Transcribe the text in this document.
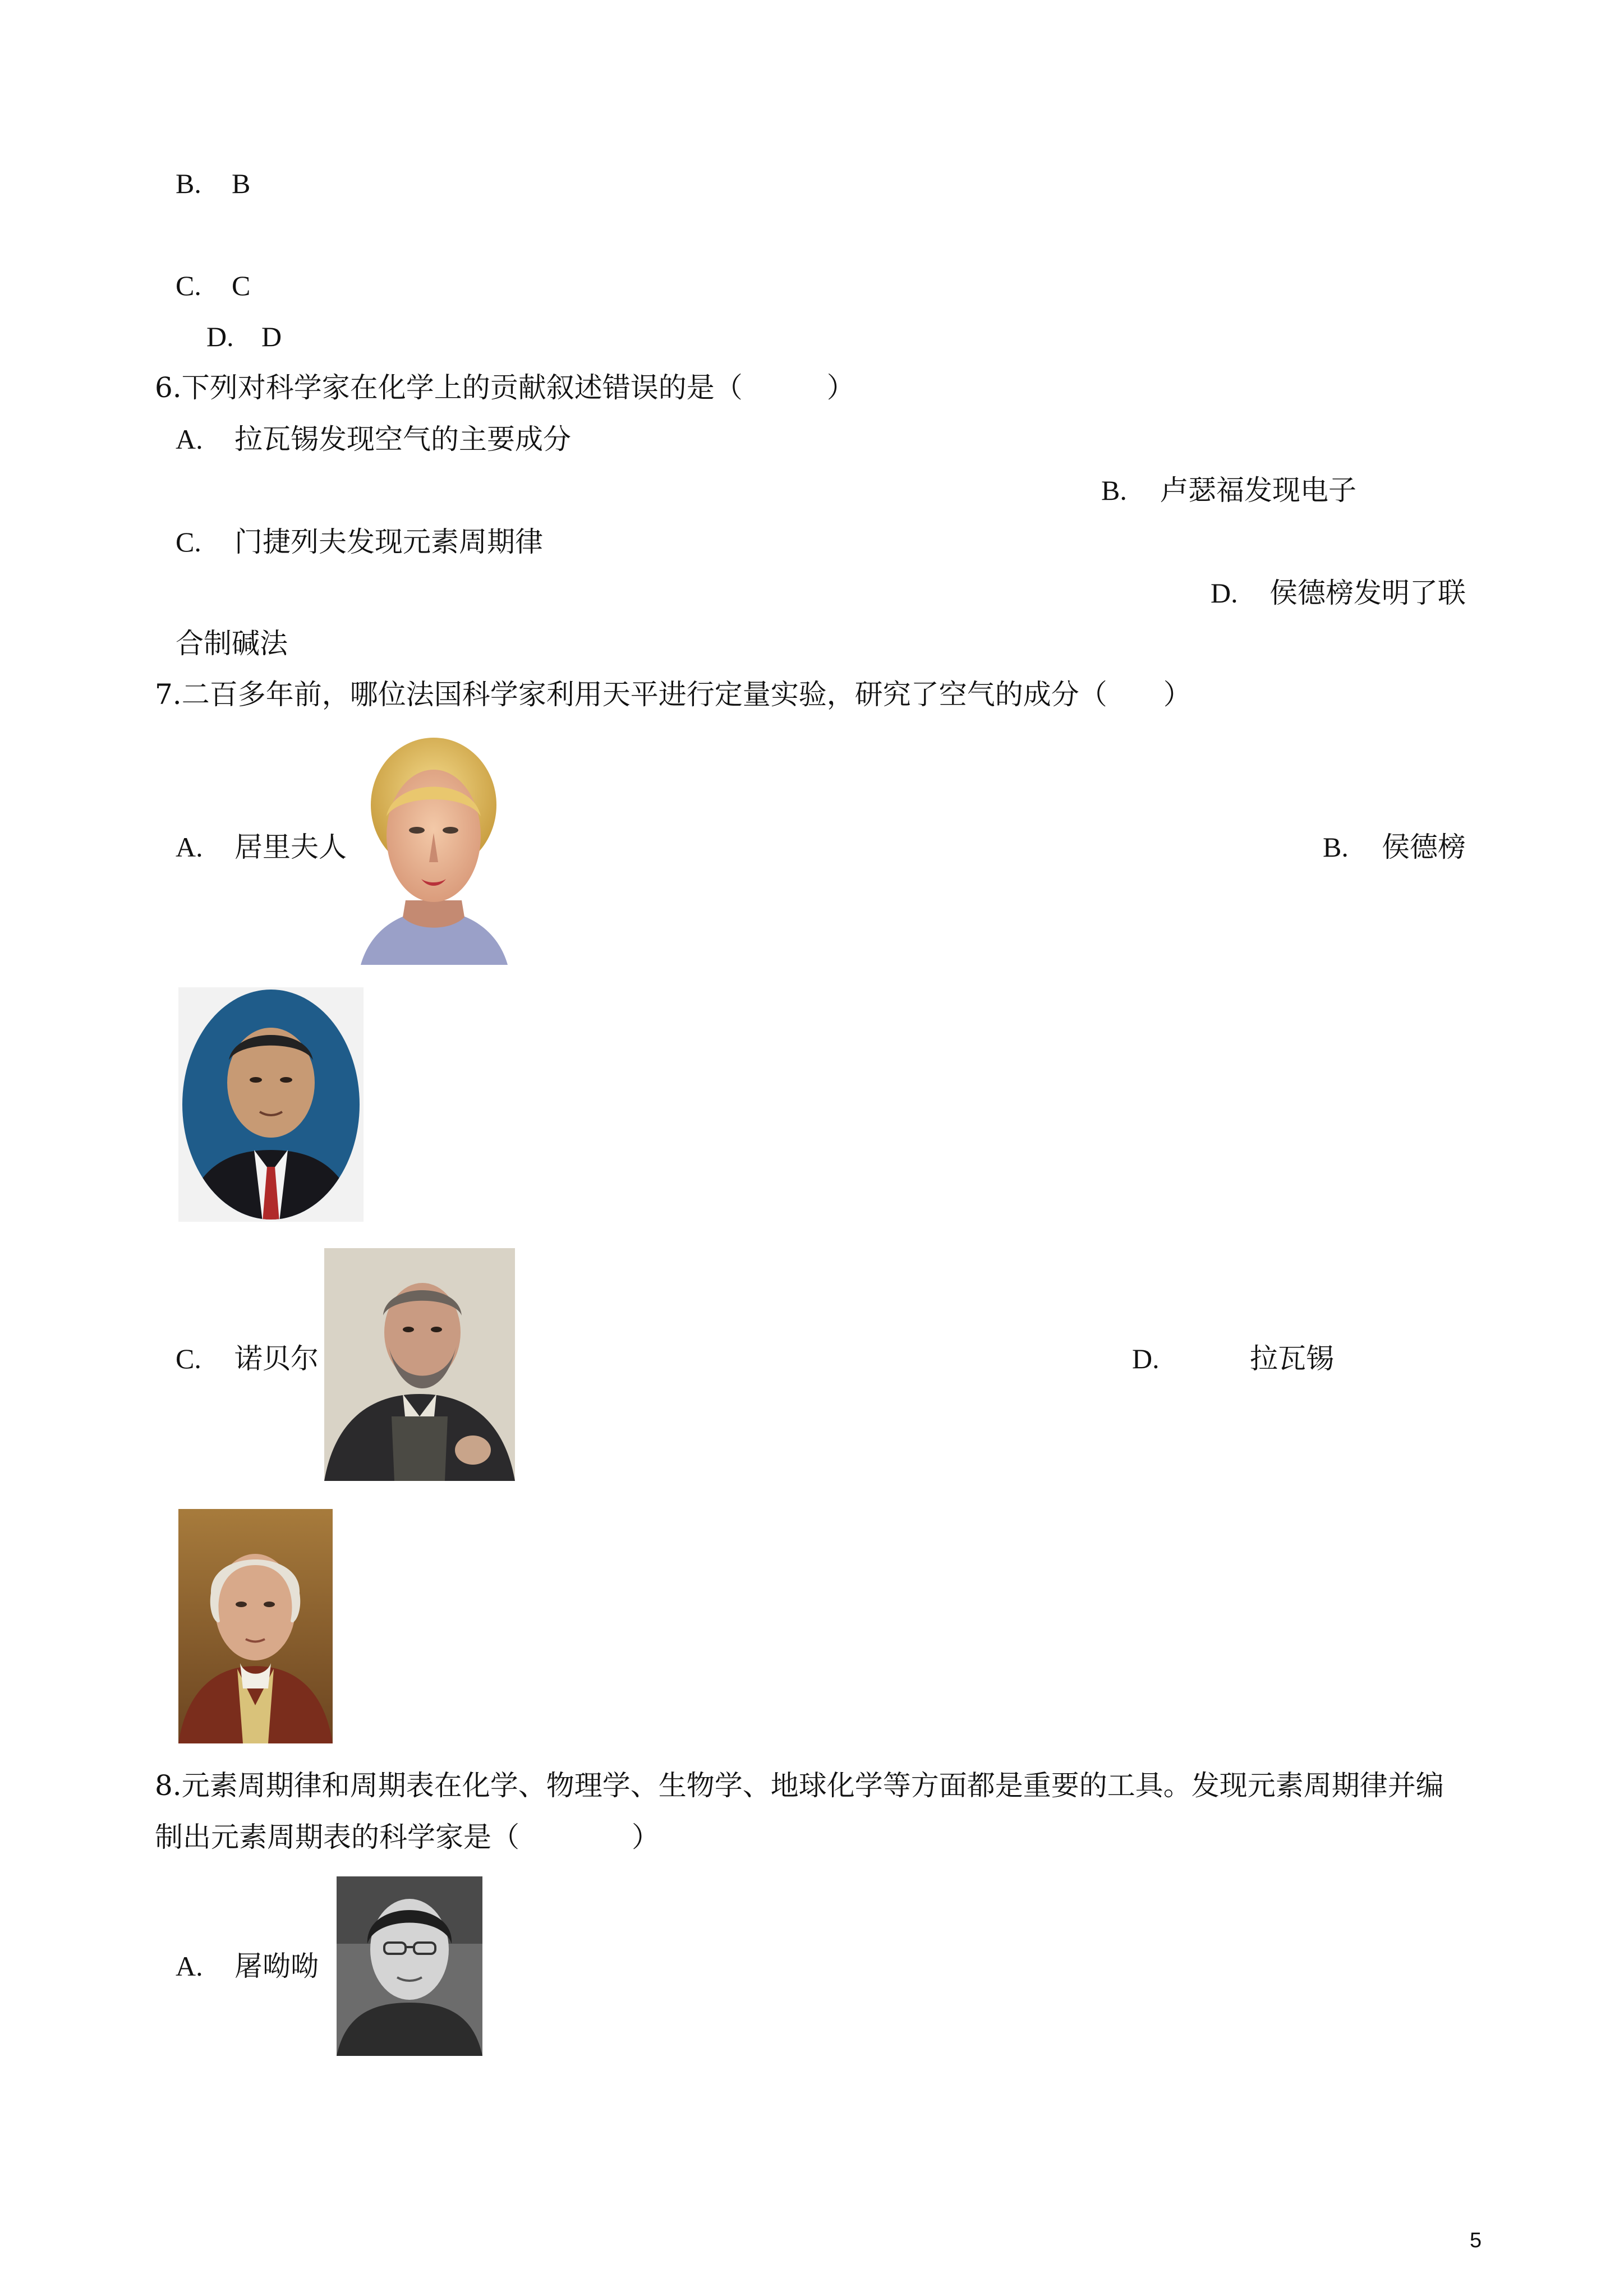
B. B
C. C
D. D
6.下列对科学家在化学上的贡献叙述错误的是（　　　）
A. 拉瓦锡发现空气的主要成分
B. 卢瑟福发现电子
C. 门捷列夫发现元素周期律
D. 侯德榜发明了联
合制碱法
7.二百多年前，哪位法国科学家利用天平进行定量实验，研究了空气的成分（　　）
A. 居里夫人	B. 侯德榜
C. 诺贝尔	D.	拉瓦锡
8.元素周期律和周期表在化学、物理学、生物学、地球化学等方面都是重要的工具。发现元素周期律并编
制出元素周期表的科学家是（　　　　）
A. 屠呦呦
5
